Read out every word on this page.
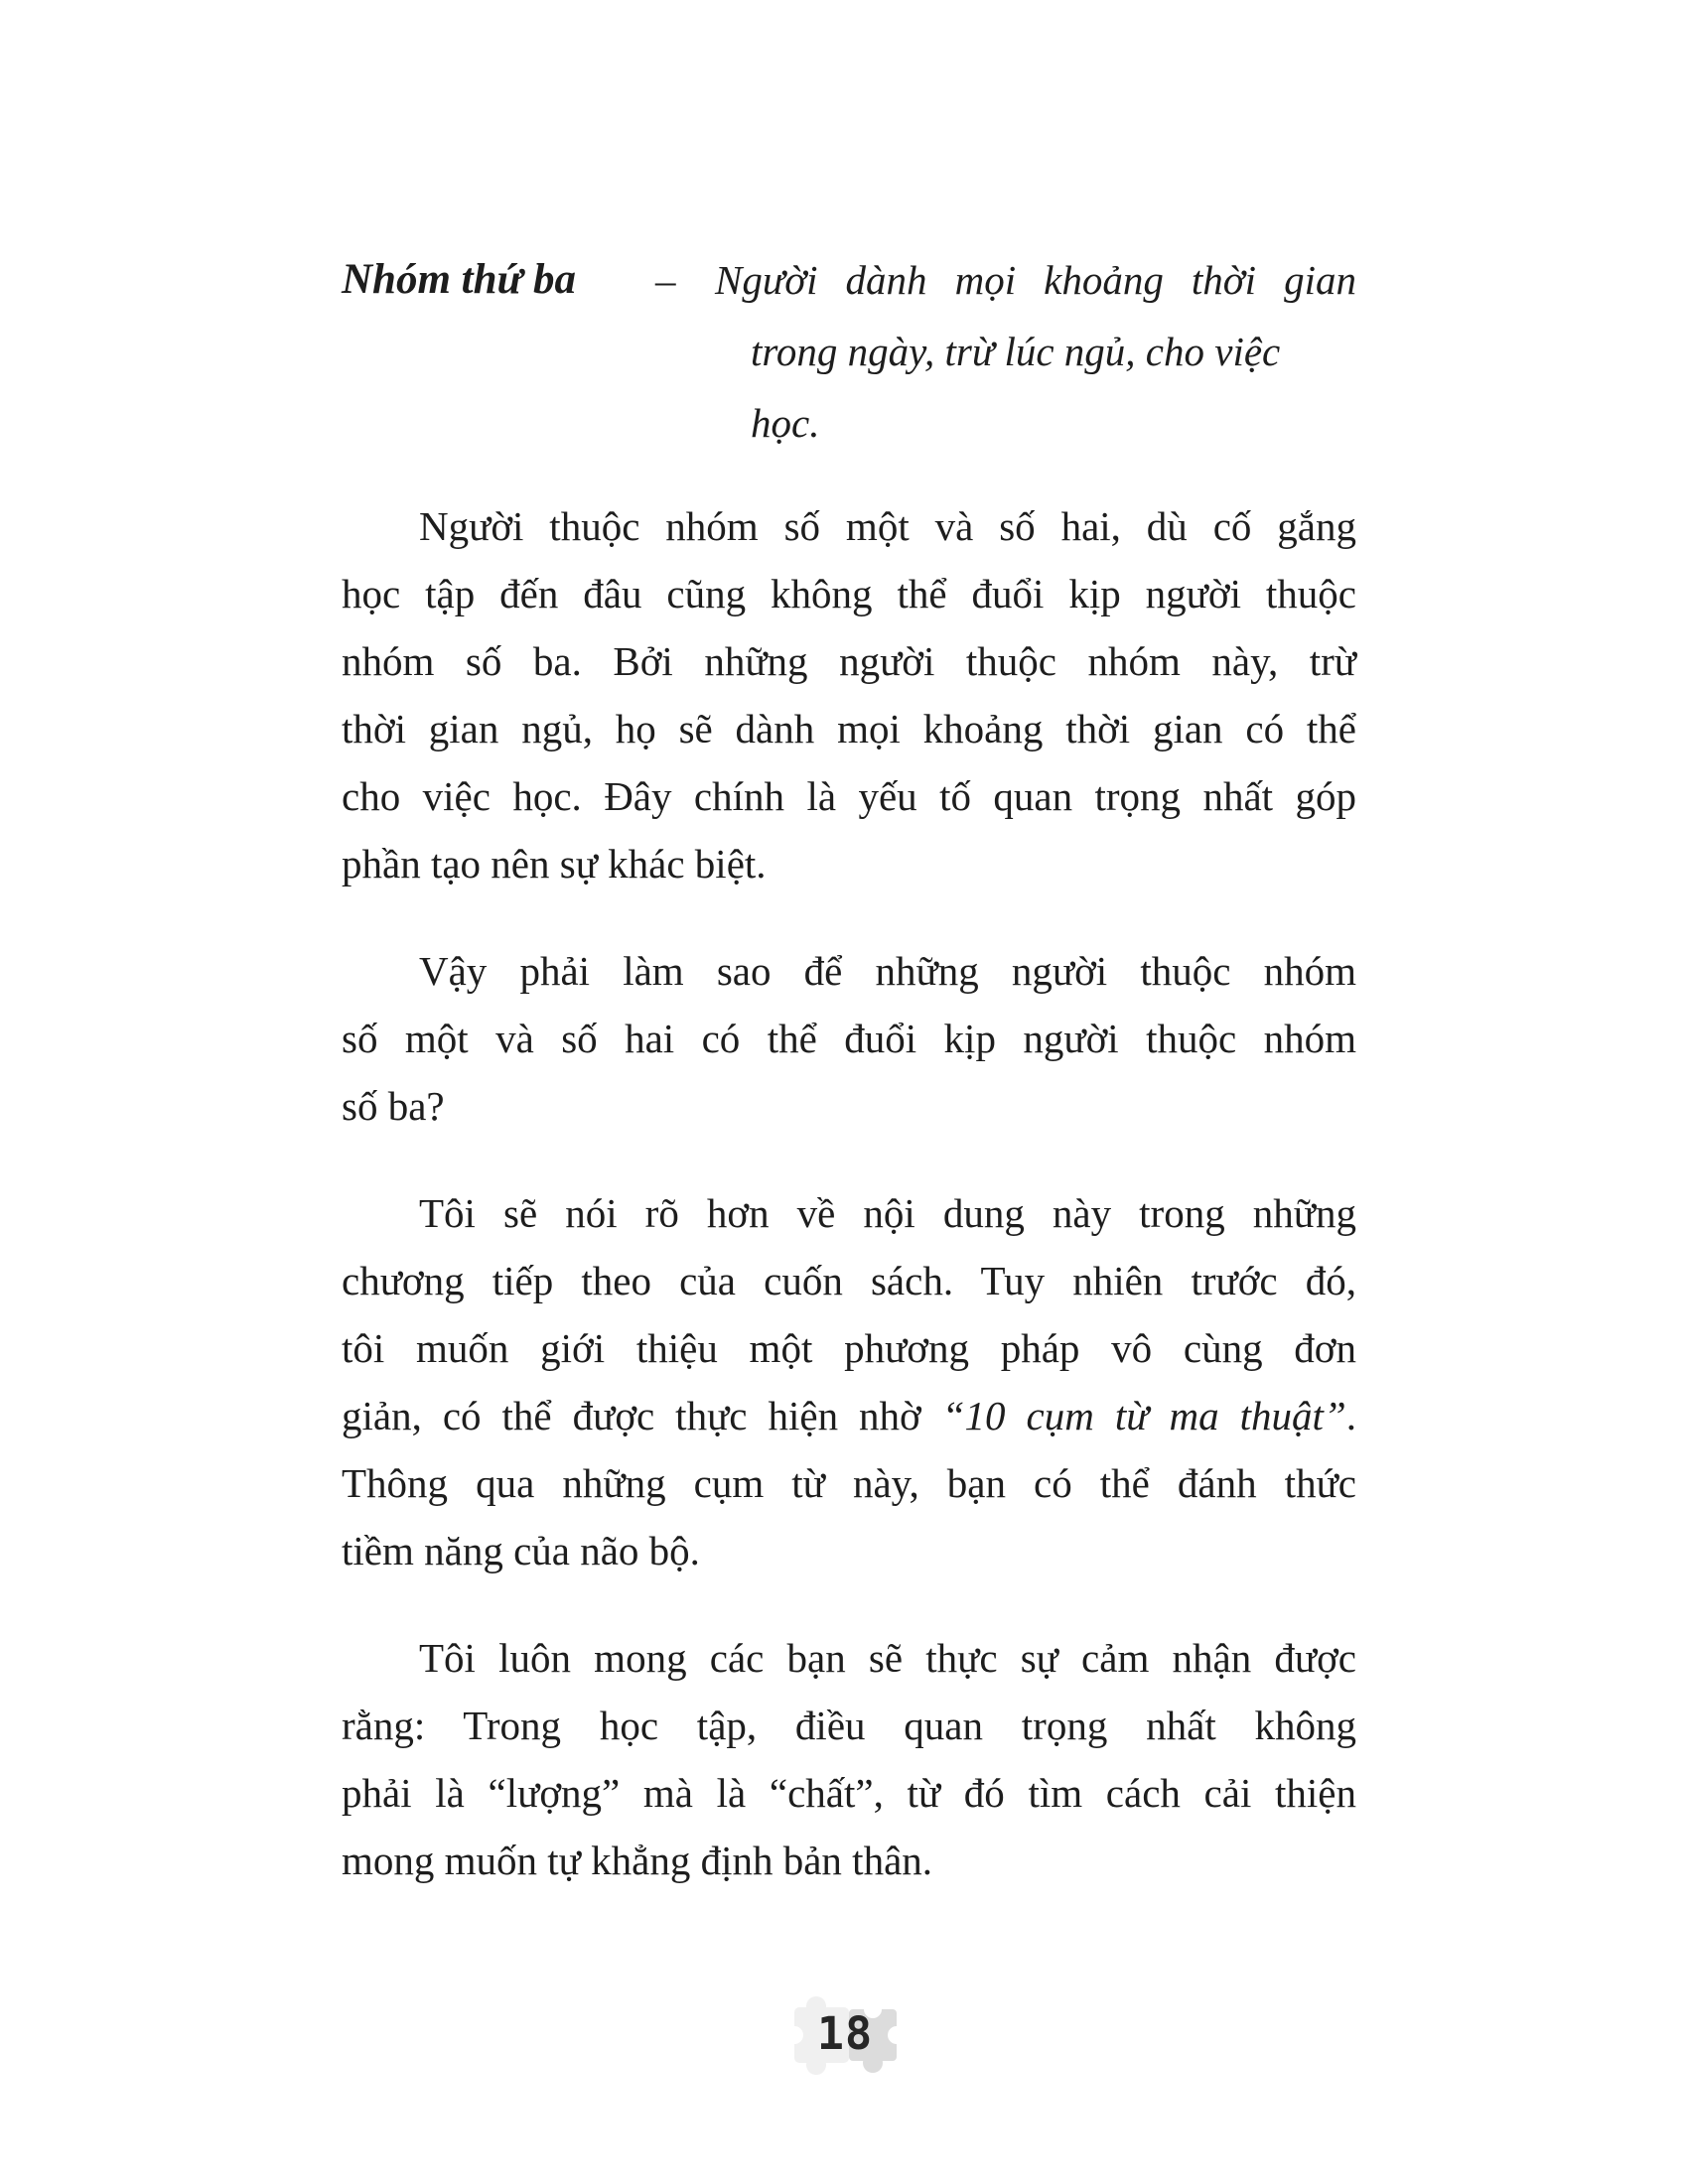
Nhóm thứ ba	– Người dành mọi khoảng thời gian
trong ngày, trừ lúc ngủ, cho việc học.
Người thuộc nhóm số một và số hai, dù cố gắng
học tập đến đâu cũng không thể đuổi kịp người thuộc
nhóm số ba. Bởi những người thuộc nhóm này, trừ
thời gian ngủ, họ sẽ dành mọi khoảng thời gian có thể
cho việc học. Đây chính là yếu tố quan trọng nhất góp
phần tạo nên sự khác biệt.
Vậy phải làm sao để những người thuộc nhóm
số một và số hai có thể đuổi kịp người thuộc nhóm
số ba?
Tôi sẽ nói rõ hơn về nội dung này trong những
chương tiếp theo của cuốn sách. Tuy nhiên trước đó,
tôi muốn giới thiệu một phương pháp vô cùng đơn
giản, có thể được thực hiện nhờ “10 cụm từ ma thuật”.
Thông qua những cụm từ này, bạn có thể đánh thức
tiềm năng của não bộ.
Tôi luôn mong các bạn sẽ thực sự cảm nhận được
rằng: Trong học tập, điều quan trọng nhất không
phải là “lượng” mà là “chất”, từ đó tìm cách cải thiện
mong muốn tự khẳng định bản thân.
18
